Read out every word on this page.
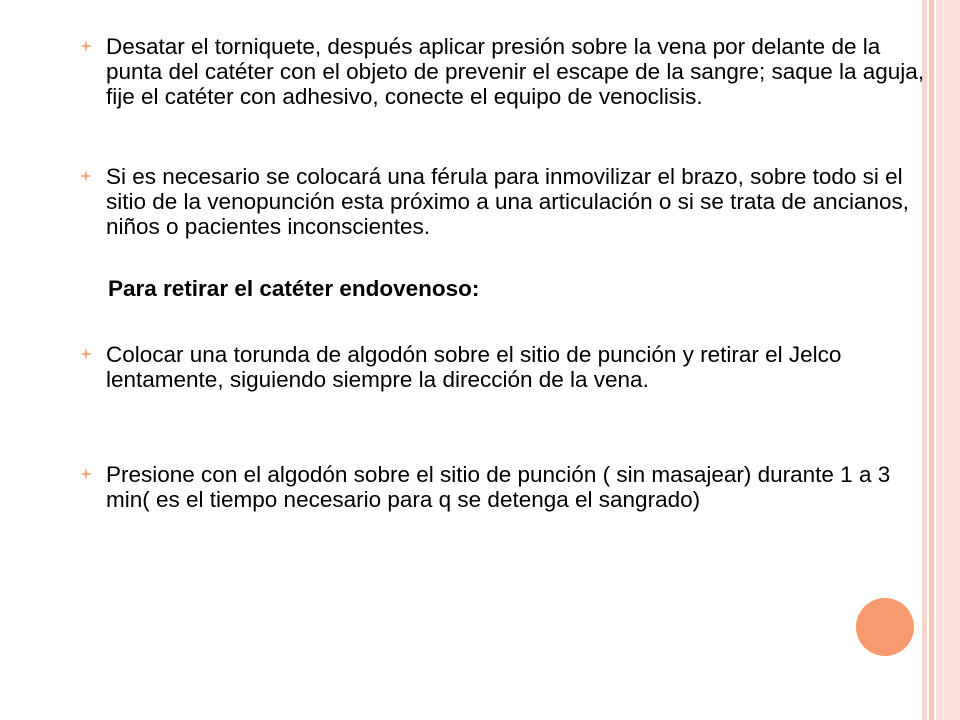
Desatar el torniquete, después aplicar presión sobre la vena por delante de la punta del catéter con el objeto de prevenir el escape de la sangre; saque la aguja, fije el catéter con adhesivo, conecte el equipo de venoclisis.
Si es necesario se colocará una férula para inmovilizar el brazo, sobre todo si el sitio de la venopunción esta próximo a una articulación o si se trata de ancianos, niños o pacientes inconscientes.
Para retirar el catéter endovenoso:
Colocar una torunda de algodón sobre el sitio de punción y retirar el Jelco lentamente, siguiendo siempre la dirección de la vena.
Presione con el algodón sobre el sitio de punción ( sin masajear) durante 1 a 3 min( es el tiempo necesario para q se detenga el sangrado)
